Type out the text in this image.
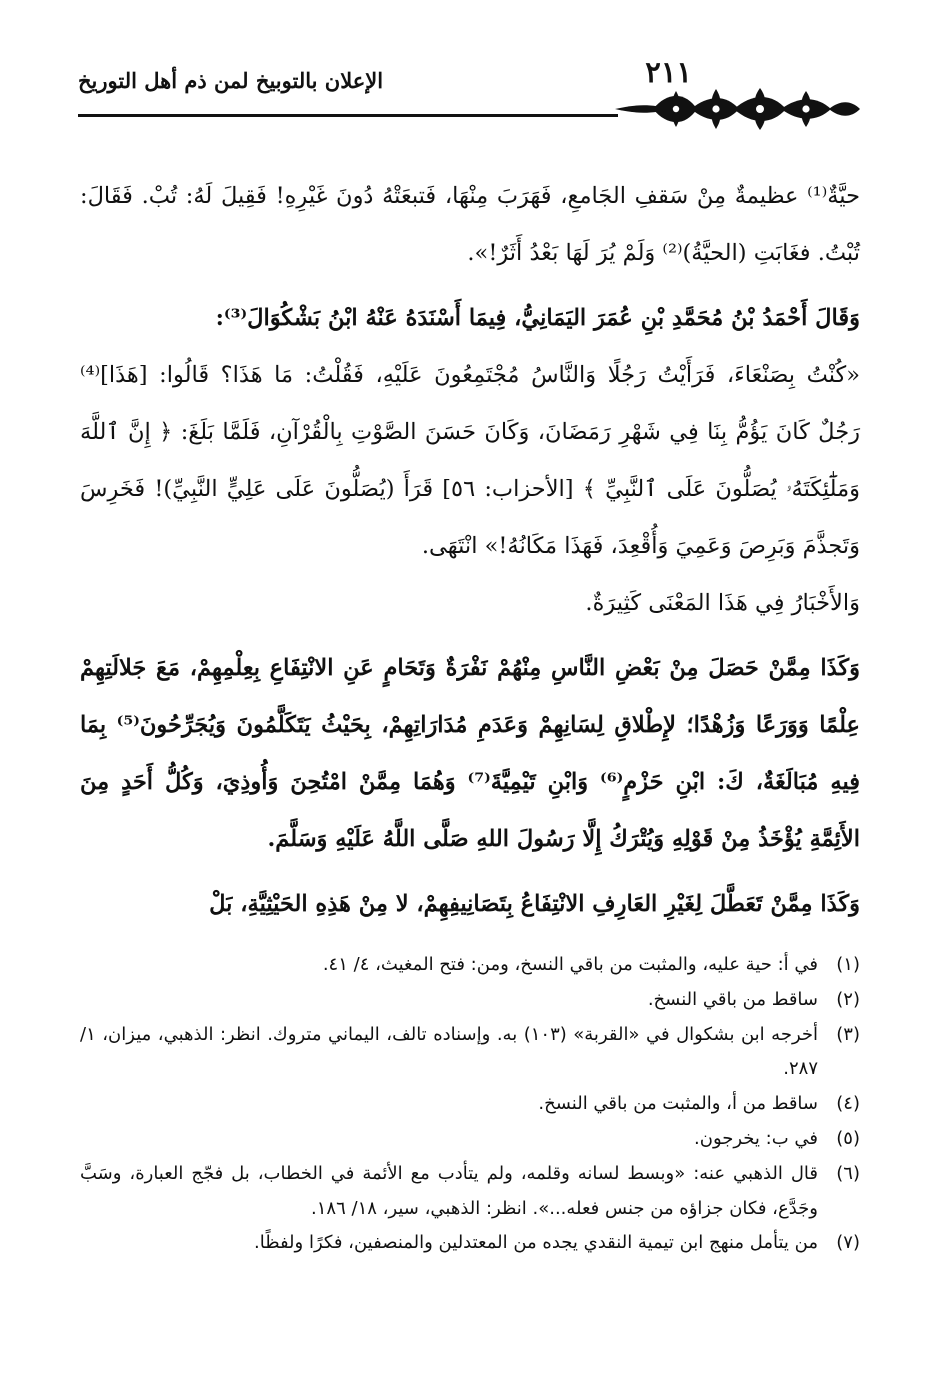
٢١١
الإعلان بالتوبيخ لمن ذم أهل التوريخ

حيَّةٌ⁽¹⁾ عظيمةٌ مِنْ سَقفِ الجَامعِ، فَهَرَبَ مِنْهَا، فَتبعَتْهُ دُونَ غَيْرِهِ! فَقِيلَ لَهُ: تُبْ. فَقَالَ: تُبْتُ. فغَابَتِ (الحيَّةُ)⁽²⁾ وَلَمْ يُرَ لَهَا بَعْدُ أَثَرٌ!».

وَقَالَ أَحْمَدُ بْنُ مُحَمَّدِ بْنِ عُمَرَ اليَمَانِيُّ، فِيمَا أَسْنَدَهُ عَنْهُ ابْنُ بَشْكُوَالَ⁽³⁾:

«كُنْتُ بِصَنْعَاءَ، فَرَأَيْتُ رَجُلًا وَالنَّاسُ مُجْتَمِعُونَ عَلَيْهِ، فَقُلْتُ: مَا هَذَا؟ قَالُوا: [هَذَا]⁽⁴⁾ رَجُلٌ كَانَ يَؤُمُّ بِنَا فِي شَهْرِ رَمَضَانَ، وَكَانَ حَسَنَ الصَّوْتِ بِالْقُرْآنِ، فَلَمَّا بَلَغَ: ﴿ إِنَّ ٱللَّهَ وَمَلَٰٓئِكَتَهُۥ يُصَلُّونَ عَلَى ٱلنَّبِيِّ ﴾ [الأحزاب: ٥٦] قَرَأَ (يُصَلُّونَ عَلَى عَلِيٍّ النَّبِيِّ)! فَخَرِسَ وَتَجذَّمَ وَبَرِصَ وَعَمِيَ وَأُقْعِدَ، فَهَذَا مَكَانُهُ!» انْتَهَى.

وَالأَخْبَارُ فِي هَذَا المَعْنَى كَثِيرَةٌ.

وَكَذَا مِمَّنْ حَصَلَ مِنْ بَعْضِ النَّاسِ مِنْهُمْ نَفْرَةٌ وَتَحَامٍ عَنِ الانْتِفَاعِ بِعِلْمِهِمْ، مَعَ جَلالَتِهِمْ عِلْمًا وَوَرَعًا وَزُهْدًا؛ لإِطْلاقِ لِسَانِهِمْ وَعَدَمِ مُدَارَاتِهِمْ، بِحَيْثُ يَتَكَلَّمُونَ وَيُجَرِّحُونَ⁽⁵⁾ بِمَا فِيهِ مُبَالَغَةٌ، كَ: ابْنِ حَزْمٍ⁽⁶⁾ وَابْنِ تَيْمِيَّةَ⁽⁷⁾ وَهُمَا مِمَّنْ امْتُحِنَ وَأُوذِيَ، وَكُلُّ أَحَدٍ مِنَ الأَئِمَّةِ يُؤْخَذُ مِنْ قَوْلِهِ وَيُتْرَكُ إِلَّا رَسُولَ اللهِ صَلَّى اللَّهُ عَلَيْهِ وَسَلَّمَ.

وَكَذَا مِمَّنْ تَعَطَّلَ لِغَيْرِ العَارِفِ الانْتِفَاعُ بِتَصَانِيفِهِمْ، لا مِنْ هَذِهِ الحَيْثِيَّةِ، بَلْ

(١)في أ: حية عليه، والمثبت من باقي النسخ، ومن: فتح المغيث، ٤/ ٤١.

(٢)ساقط من باقي النسخ.

(٣)أخرجه ابن بشكوال في «القربة» (١٠٣) به. وإسناده تالف، اليماني متروك. انظر: الذهبي، ميزان، ١/ ٢٨٧.

(٤)ساقط من أ، والمثبت من باقي النسخ.

(٥)في ب: يخرجون.

(٦)قال الذهبي عنه: «وبسط لسانه وقلمه، ولم يتأدب مع الأئمة في الخطاب، بل فجّج العبارة، وسَبَّ وجَدَّع، فكان جزاؤه من جنس فعله...». انظر: الذهبي، سير، ١٨/ ١٨٦.

(٧)من يتأمل منهج ابن تيمية النقدي يجده من المعتدلين والمنصفين، فكرًا ولفظًا.
